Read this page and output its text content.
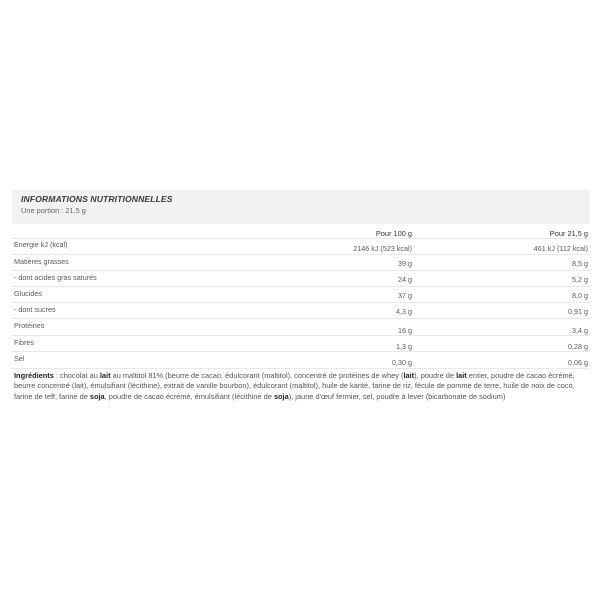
INFORMATIONS NUTRITIONNELLES
Une portion : 21,5 g
Pour 100 g	Pour 21,5 g
Energie kJ (kcal)	2146 kJ (523 kcal)	461 kJ (112 kcal)
Matières grasses	39 g	8,5 g
- dont acides gras saturés	24 g	5,2 g
Glucides	37 g	8,0 g
- dont sucres	4,3 g	0,91 g
Protéines	16 g	3,4 g
Fibres	1,3 g	0,28 g
Sel	0,30 g	0,06 g
Ingrédients : chocolat au lait au maltitol 81% (beurre de cacao, édulcorant (maltitol), concentré de protéines de whey (lait), poudre de lait entier, poudre de cacao écrémé, beurre concentré (lait), émulsifiant (lécithine), extrait de vanille bourbon), édulcorant (maltitol), huile de karité, farine de riz, fécule de pomme de terre, huile de noix de coco, farine de teff, farine de soja, poudre de cacao écrémé, émulsifiant (lécithine de soja), jaune d'œuf fermier, sel, poudre à lever (bicarbonate de sodium)
